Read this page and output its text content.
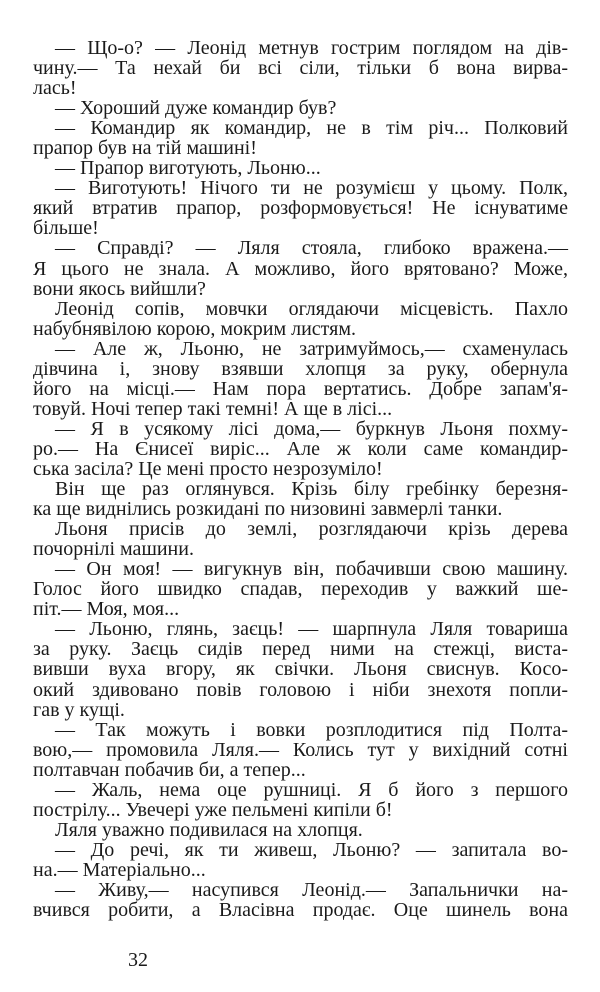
— Що-о? — Леонід метнув гострим поглядом на дів-
чину.— Та нехай би всі сіли, тільки б вона вирва-
лась!
— Хороший дуже командир був?
— Командир як командир, не в тім річ... Полковий
прапор був на тій машині!
— Прапор виготують, Льоню...
— Виготують! Нічого ти не розумієш у цьому. Полк,
який втратив прапор, розформовується! Не існуватиме
більше!
— Справді? — Ляля стояла, глибоко вражена.—
Я цього не знала. А можливо, його врятовано? Може,
вони якось вийшли?
Леонід сопів, мовчки оглядаючи місцевість. Пахло
набубнявілою корою, мокрим листям.
— Але ж, Льоню, не затримуймось,— схаменулась
дівчина і, знову взявши хлопця за руку, обернула
його на місці.— Нам пора вертатись. Добре запам'я-
товуй. Ночі тепер такі темні! А ще в лісі...
— Я в усякому лісі дома,— буркнув Льоня похму-
ро.— На Єнисеї виріс... Але ж коли саме командир-
ська засіла? Це мені просто незрозуміло!
Він ще раз оглянувся. Крізь білу гребінку березня-
ка ще виднілись розкидані по низовині завмерлі танки.
Льоня присів до землі, розглядаючи крізь дерева
почорнілі машини.
— Он моя! — вигукнув він, побачивши свою машину.
Голос його швидко спадав, переходив у важкий ше-
піт.— Моя, моя...
— Льоню, глянь, заєць! — шарпнула Ляля товариша
за руку. Заєць сидів перед ними на стежці, виста-
вивши вуха вгору, як свічки. Льоня свиснув. Косо-
окий здивовано повів головою і ніби знехотя попли-
гав у кущі.
— Так можуть і вовки розплодитися під Полта-
вою,— промовила Ляля.— Колись тут у вихідний сотні
полтавчан побачив би, а тепер...
— Жаль, нема оце рушниці. Я б його з першого
пострілу... Увечері уже пельмені кипіли б!
Ляля уважно подивилася на хлопця.
— До речі, як ти живеш, Льоню? — запитала во-
на.— Матеріально...
— Живу,— насупився Леонід.— Запальнички на-
вчився робити, а Власівна продає. Оце шинель вона
32
